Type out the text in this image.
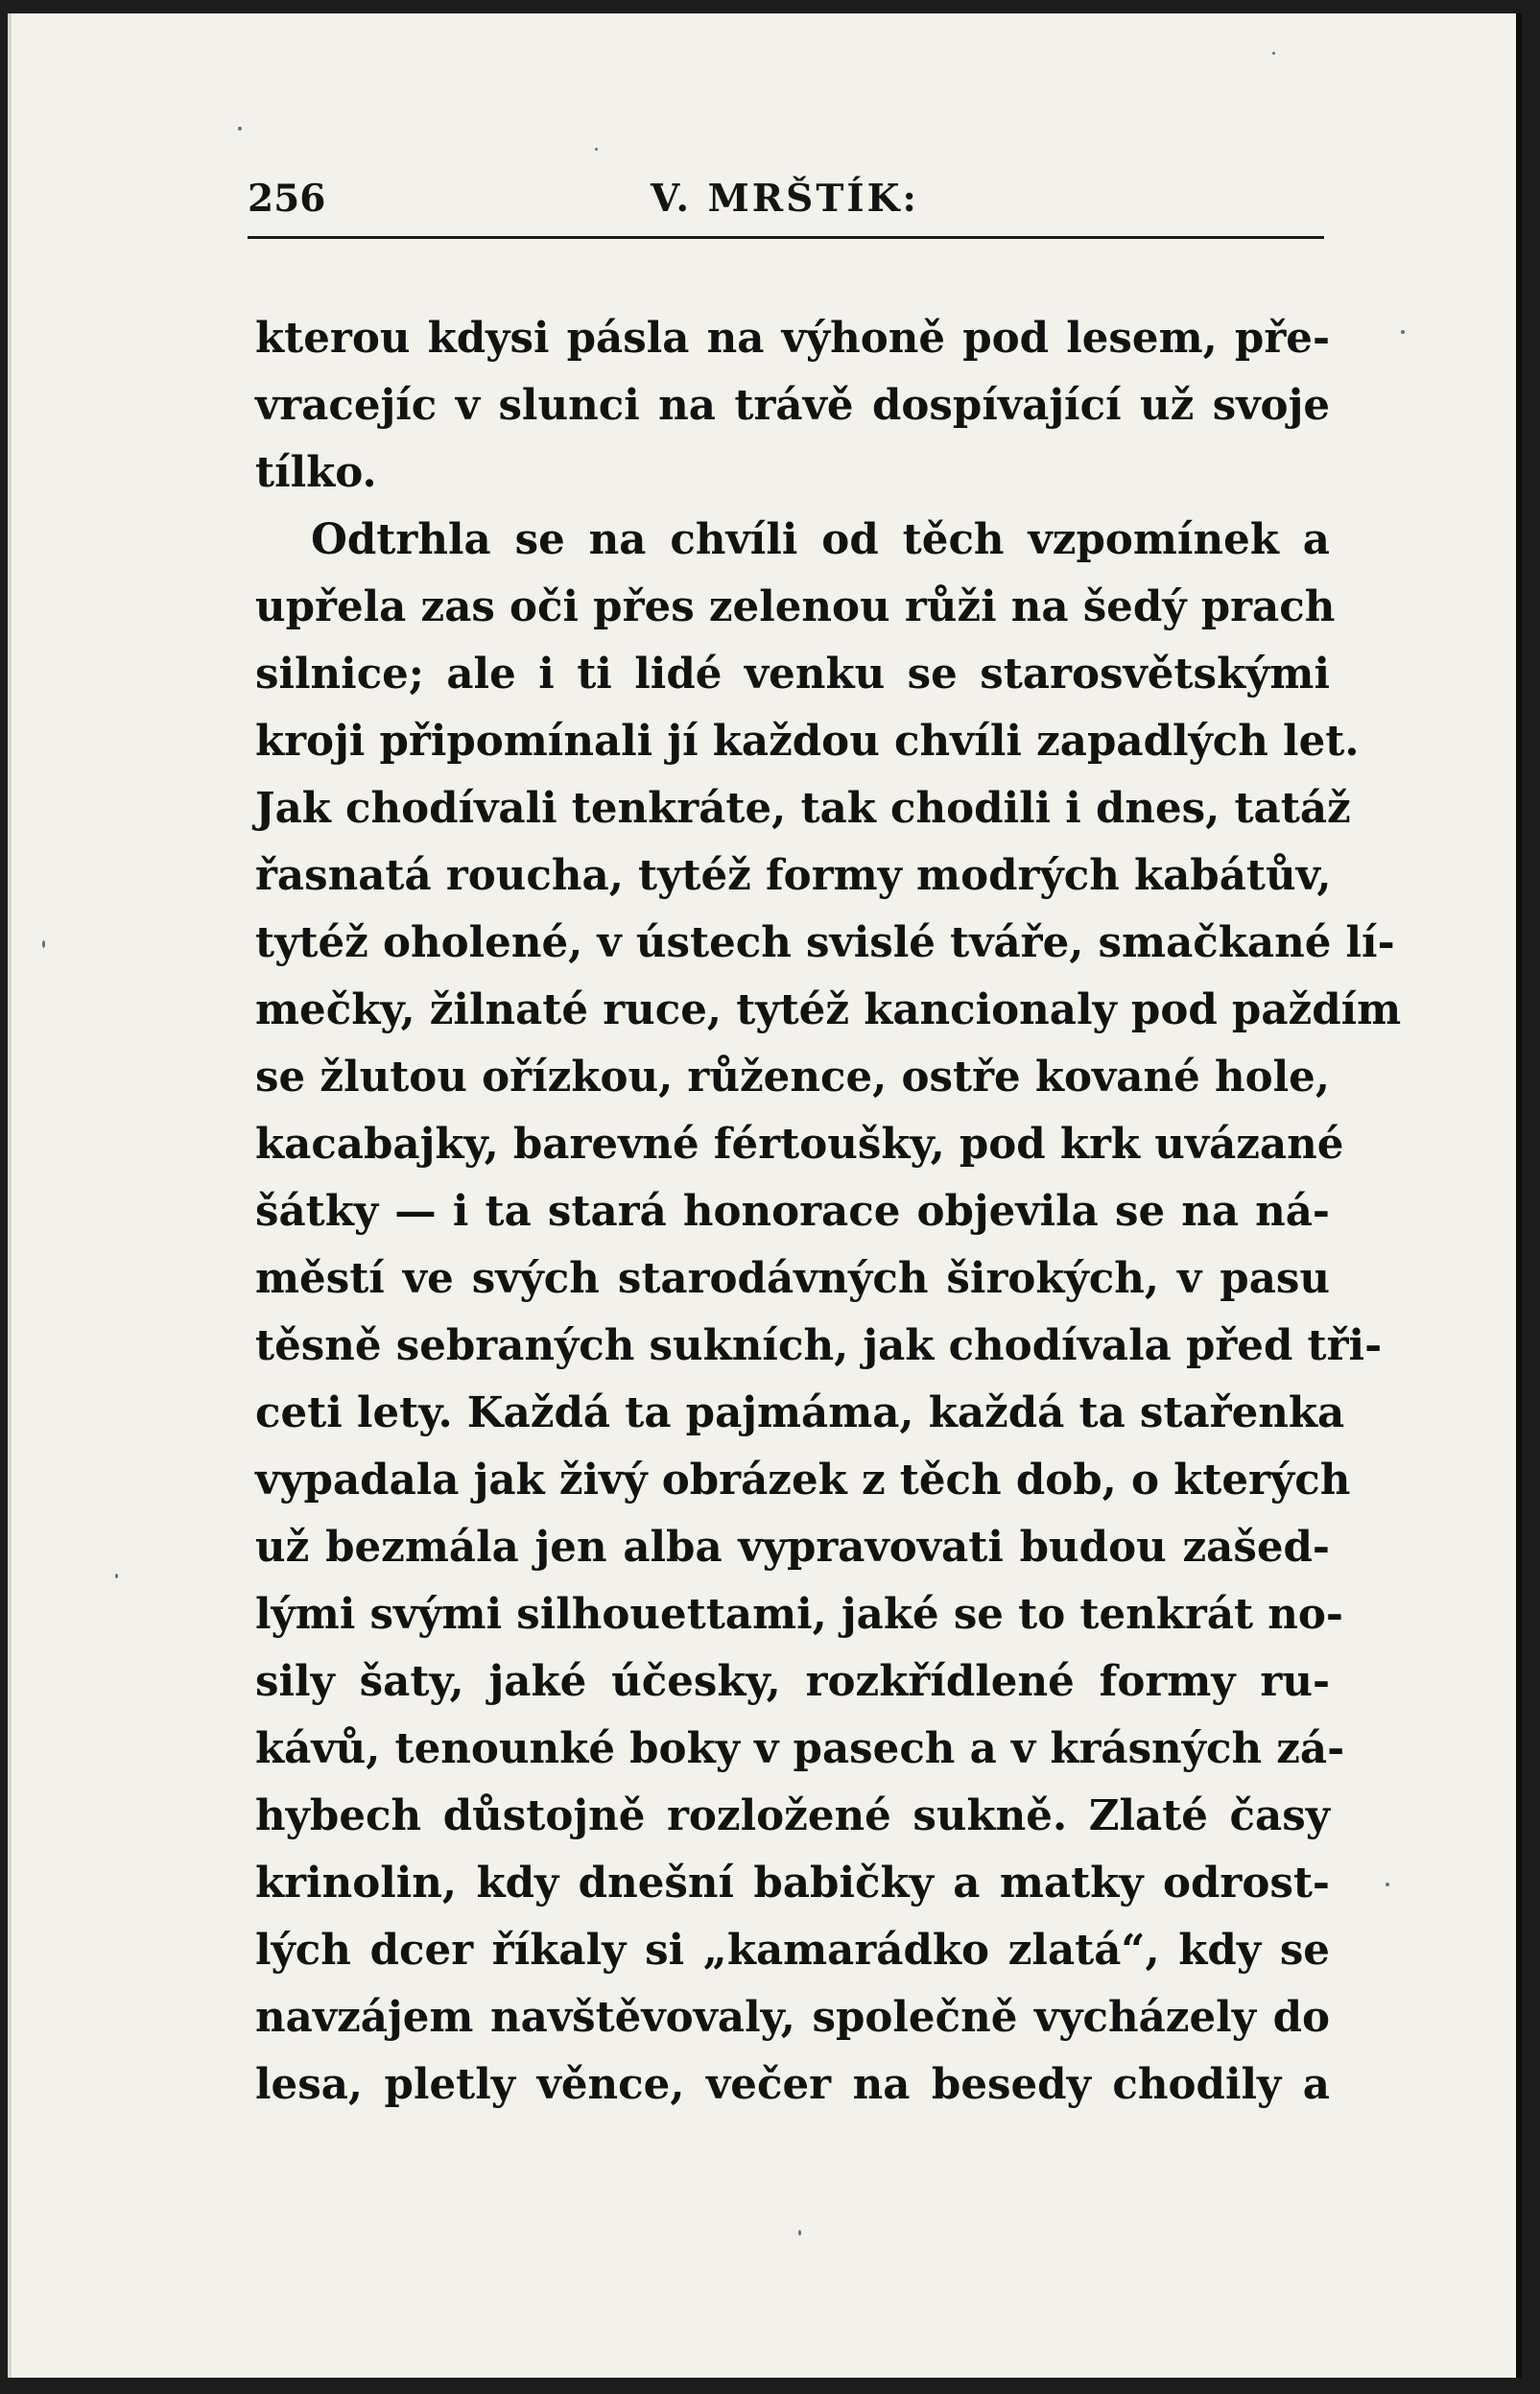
256	V. MRŠTÍK:
kterou kdysi pásla na výhoně pod lesem, pře-
vracejíc v slunci na trávě dospívající už svoje
tílko.
Odtrhla se na chvíli od těch vzpomínek a
upřela zas oči přes zelenou růži na šedý prach
silnice; ale i ti lidé venku se starosvětskými
kroji připomínali jí každou chvíli zapadlých let.
Jak chodívali tenkráte, tak chodili i dnes, tatáž
řasnatá roucha, tytéž formy modrých kabátův,
tytéž oholené, v ústech svislé tváře, smačkané lí-
mečky, žilnaté ruce, tytéž kancionaly pod paždím
se žlutou ořízkou, růžence, ostře kované hole,
kacabajky, barevné fértoušky, pod krk uvázané
šátky — i ta stará honorace objevila se na ná-
městí ve svých starodávných širokých, v pasu
těsně sebraných sukních, jak chodívala před tři-
ceti lety. Každá ta pajmáma, každá ta stařenka
vypadala jak živý obrázek z těch dob, o kterých
už bezmála jen alba vypravovati budou zašed-
lými svými silhouettami, jaké se to tenkrát no-
sily šaty, jaké účesky, rozkřídlené formy ru-
kávů, tenounké boky v pasech a v krásných zá-
hybech důstojně rozložené sukně. Zlaté časy
krinolin, kdy dnešní babičky a matky odrost-
lých dcer říkaly si „kamarádko zlatá“, kdy se
navzájem navštěvovaly, společně vycházely do
lesa, pletly věnce, večer na besedy chodily a
